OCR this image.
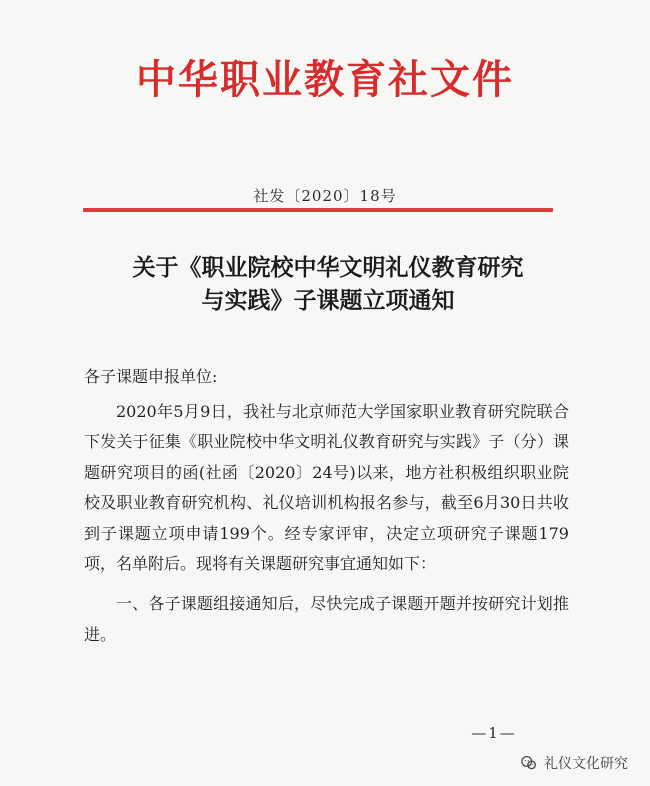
中华职业教育社文件
社发〔2020〕18号
关于《职业院校中华文明礼仪教育研究
与实践》子课题立项通知
各子课题申报单位:

2020年5月9日，我社与北京师范大学国家职业教育研究院联合下发关于征集《职业院校中华文明礼仪教育研究与实践》子（分）课题研究项目的函(社函〔2020〕24号)以来，地方社积极组织职业院校及职业教育研究机构、礼仪培训机构报名参与，截至6月30日共收到子课题立项申请199个。经专家评审，决定立项研究子课题179项，名单附后。现将有关课题研究事宜通知如下：

一、各子课题组接通知后，尽快完成子课题开题并按研究计划推进。

—1—
礼仪文化研究
